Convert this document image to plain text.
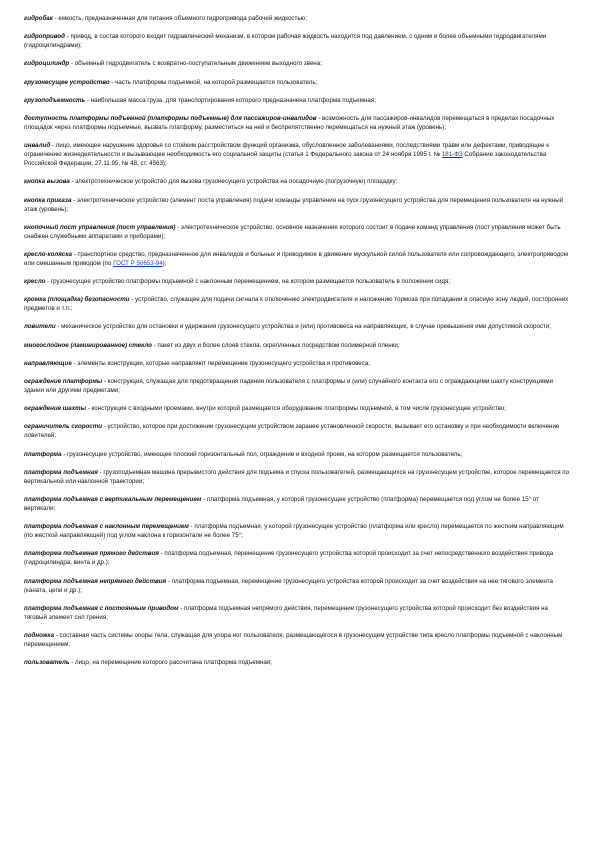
гидробак - емкость, предназначенная для питания объемного гидропривода рабочей жидкостью;

гидропривод - привод, в состав которого входит гидравлический механизм, в котором рабочая жидкость находится под давлением, с одним и более объемными гидродвигателями (гидроцилиндрами);

гидроцилиндр - объемный гидродвигатель с возвратно-поступательным движением выходного звена;

грузонесущее устройство - часть платформы подъемной, на которой размещается пользователь;

грузоподъемность - наибольшая масса груза, для транспортирования которого предназначена платформа подъемная;

доступность платформы подъемной (платформы подъемные) для пассажиров-инвалидов - возможность для пассажиров-инвалидов перемещаться в пределах посадочных площадок через платформы подъемные, вызвать платформу, разместиться на ней и беспрепятственно перемещаться на нужный этаж (уровень);

инвалид - лицо, имеющее нарушение здоровья со стойким расстройством функций организма, обусловленное заболеваниями, последствиями травм или дефектами, приводящее к ограничению жизнедеятельности и вызывающее необходимость его социальной защиты (статья 1 Федерального закона от 24 ноября 1995 г. № 181-ФЗ Собрание законодательства Российской Федерации, 27.11.95, № 48, ст. 4563);

кнопка вызова - электротехническое устройство для вызова грузонесущего устройства на посадочную (погрузочную) площадку;

кнопка приказа - электротехническое устройство (элемент поста управления) подачи команды управления на пуск грузонесущего устройства для перемещения пользователя на нужный этаж (уровень);

кнопочный пост управления (пост управления) - электротехническое устройство, основное назначение которого состоит в подаче команд управления (пост управления может быть снабжен служебными аппаратами и приборами);

кресло-коляска - транспортное средство, предназначенное для инвалидов и больных и приводимое в движение мускульной силой пользователя или сопровождающего, электроприводом или смешанным приводом (по ГОСТ Р 50653-94);

кресло - грузонесущее устройство платформы подъемной с наклонным перемещением, на котором размещается пользователь в положении сидя;

кромка (площадка) безопасности - устройство, служащее для подачи сигнала к отключению электродвигателя и наложению тормоза при попадании в опасную зону людей, посторонних предметов и т.п.;

ловители - механическое устройство для остановки и удержания грузонесущего устройства и (или) противовеса на направляющих, в случае превышения ими допустимой скорости;

многослойное (ламинированное) стекло - пакет из двух и более слоев стекла, скрепленных посредством полимерной пленки;

направляющие - элементы конструкции, которые направляют перемещение грузонесущего устройства и противовеса;

ограждение платформы - конструкция, служащая для предотвращения падения пользователя с платформы и (или) случайного контакта его с ограждающими шахту конструкциями здания или другими предметами;

ограждение шахты - конструкция с входными проемами, внутри которой размещается оборудование платформы подъемной, в том числе грузонесущее устройство;

ограничитель скорости - устройство, которое при достижении грузонесущим устройством заранее установленной скорости, вызывает его остановку и при необходимости включение ловителей;

платформа - грузонесущее устройство, имеющее плоский горизонтальный пол, ограждение и входной проем, на котором размещается пользователь;

платформа подъемная - грузоподъемная машина прерывистого действия для подъема и спуска пользователей, размещающихся на грузонесущем устройстве, которое перемещается по вертикальной или наклонной траектории;

платформа подъемная с вертикальным перемещением - платформа подъемная, у которой грузонесущее устройство (платформа) перемещается под углом не более 15° от вертикали;

платформа подъемная с наклонным перемещением - платформа подъемная, у которой грузонесущее устройство (платформа или кресло) перемещается по жестким направляющим (по жесткой направляющей) под углом наклона к горизонтали не более 75°;

платформа подъемная прямого действия - платформа подъемная, перемещение грузонесущего устройства которой происходит за счет непосредственного воздействия привода (гидроцилиндра, винта и др.);

платформа подъемная непрямого действия - платформа подъемная, перемещение грузонесущего устройства которой происходит за счет воздействия на нее тягового элемента (каната, цепи и др.);

платформа подъемная с постоянным приводом - платформа подъемная непрямого действия, перемещение грузонесущего устройства которой происходит без воздействия на тяговый элемент сил трения;

подножка - составная часть системы опоры тела, служащая для упора ног пользователя, размещающегося в грузонесущем устройстве типа кресло платформы подъемной с наклонным перемещением;

пользователь - лицо, на перемещение которого рассчитана платформа подъемная;
